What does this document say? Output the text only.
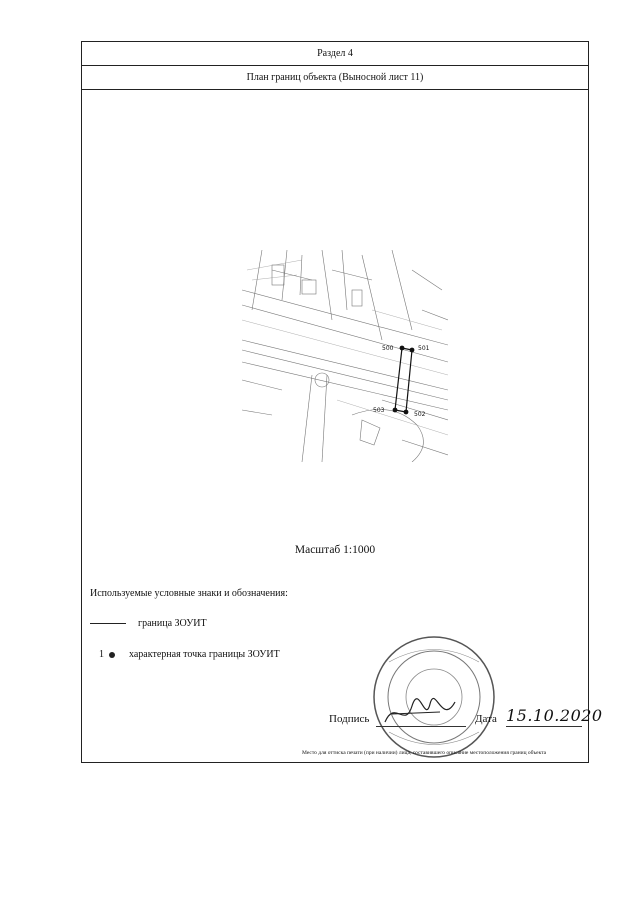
Раздел 4
План границ объекта (Выносной лист 11)
500	501
502
503
Масштаб 1:1000
Используемые условные знаки и обозначения:
граница ЗОУИТ
1	характерная точка границы ЗОУИТ
Подпись	Дата 15.10.2020
Место для оттиска печати (при наличии) лица, составившего описание местоположения границ объекта
